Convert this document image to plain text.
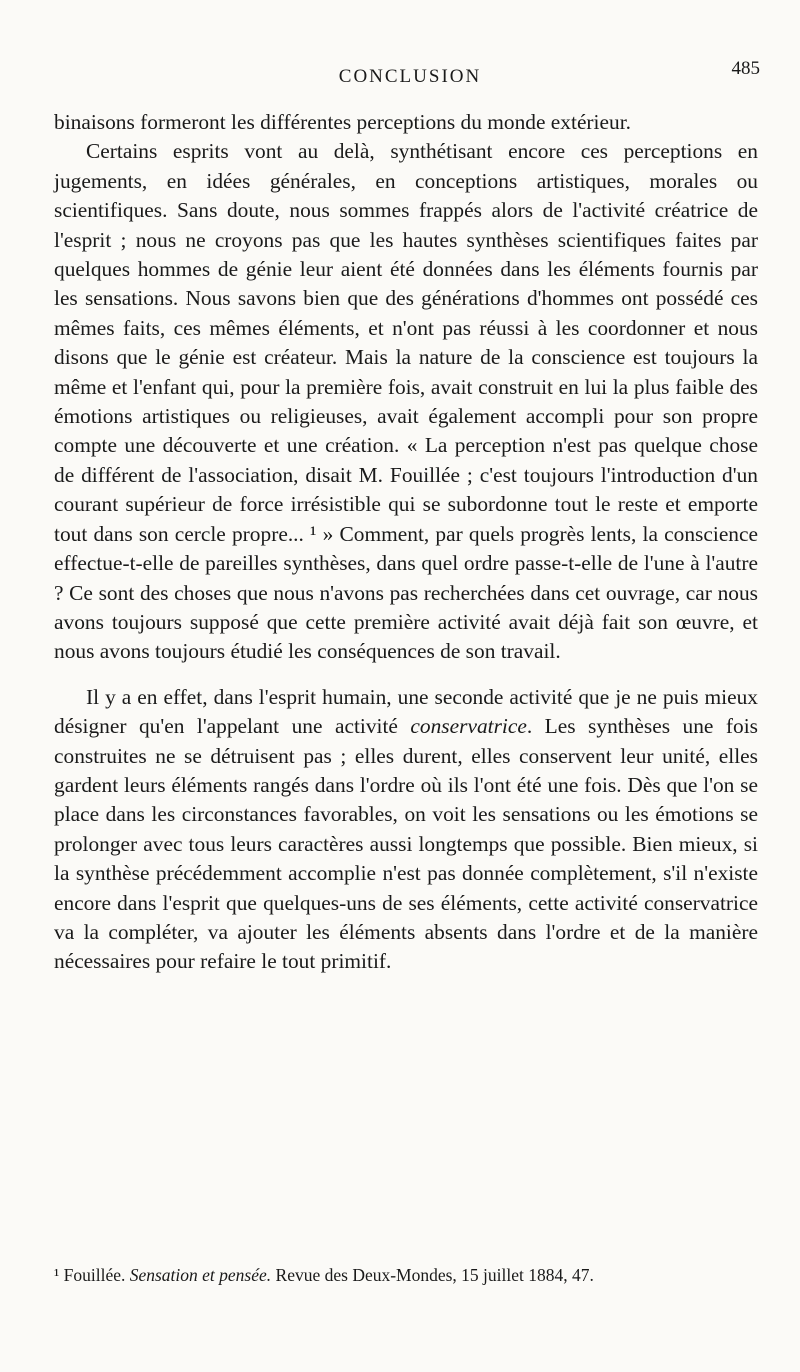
CONCLUSION	485

binaisons formeront les différentes perceptions du monde extérieur.

Certains esprits vont au delà, synthétisant encore ces perceptions en jugements, en idées générales, en conceptions artistiques, morales ou scientifiques. Sans doute, nous sommes frappés alors de l'activité créatrice de l'esprit ; nous ne croyons pas que les hautes synthèses scientifiques faites par quelques hommes de génie leur aient été données dans les éléments fournis par les sensations. Nous savons bien que des générations d'hommes ont possédé ces mêmes faits, ces mêmes éléments, et n'ont pas réussi à les coordonner et nous disons que le génie est créateur. Mais la nature de la conscience est toujours la même et l'enfant qui, pour la première fois, avait construit en lui la plus faible des émotions artistiques ou religieuses, avait également accompli pour son propre compte une découverte et une création. « La perception n'est pas quelque chose de différent de l'association, disait M. Fouillée ; c'est toujours l'introduction d'un courant supérieur de force irrésistible qui se subordonne tout le reste et emporte tout dans son cercle propre... ¹ » Comment, par quels progrès lents, la conscience effectue-t-elle de pareilles synthèses, dans quel ordre passe-t-elle de l'une à l'autre ? Ce sont des choses que nous n'avons pas recherchées dans cet ouvrage, car nous avons toujours supposé que cette première activité avait déjà fait son œuvre, et nous avons toujours étudié les conséquences de son travail.

Il y a en effet, dans l'esprit humain, une seconde activité que je ne puis mieux désigner qu'en l'appelant une activité conservatrice. Les synthèses une fois construites ne se détruisent pas ; elles durent, elles conservent leur unité, elles gardent leurs éléments rangés dans l'ordre où ils l'ont été une fois. Dès que l'on se place dans les circonstances favorables, on voit les sensations ou les émotions se prolonger avec tous leurs caractères aussi longtemps que possible. Bien mieux, si la synthèse précédemment accomplie n'est pas donnée complètement, s'il n'existe encore dans l'esprit que quelques-uns de ses éléments, cette activité conservatrice va la compléter, va ajouter les éléments absents dans l'ordre et de la manière nécessaires pour refaire le tout primitif.

¹ Fouillée. Sensation et pensée. Revue des Deux-Mondes, 15 juillet 1884, 47.
